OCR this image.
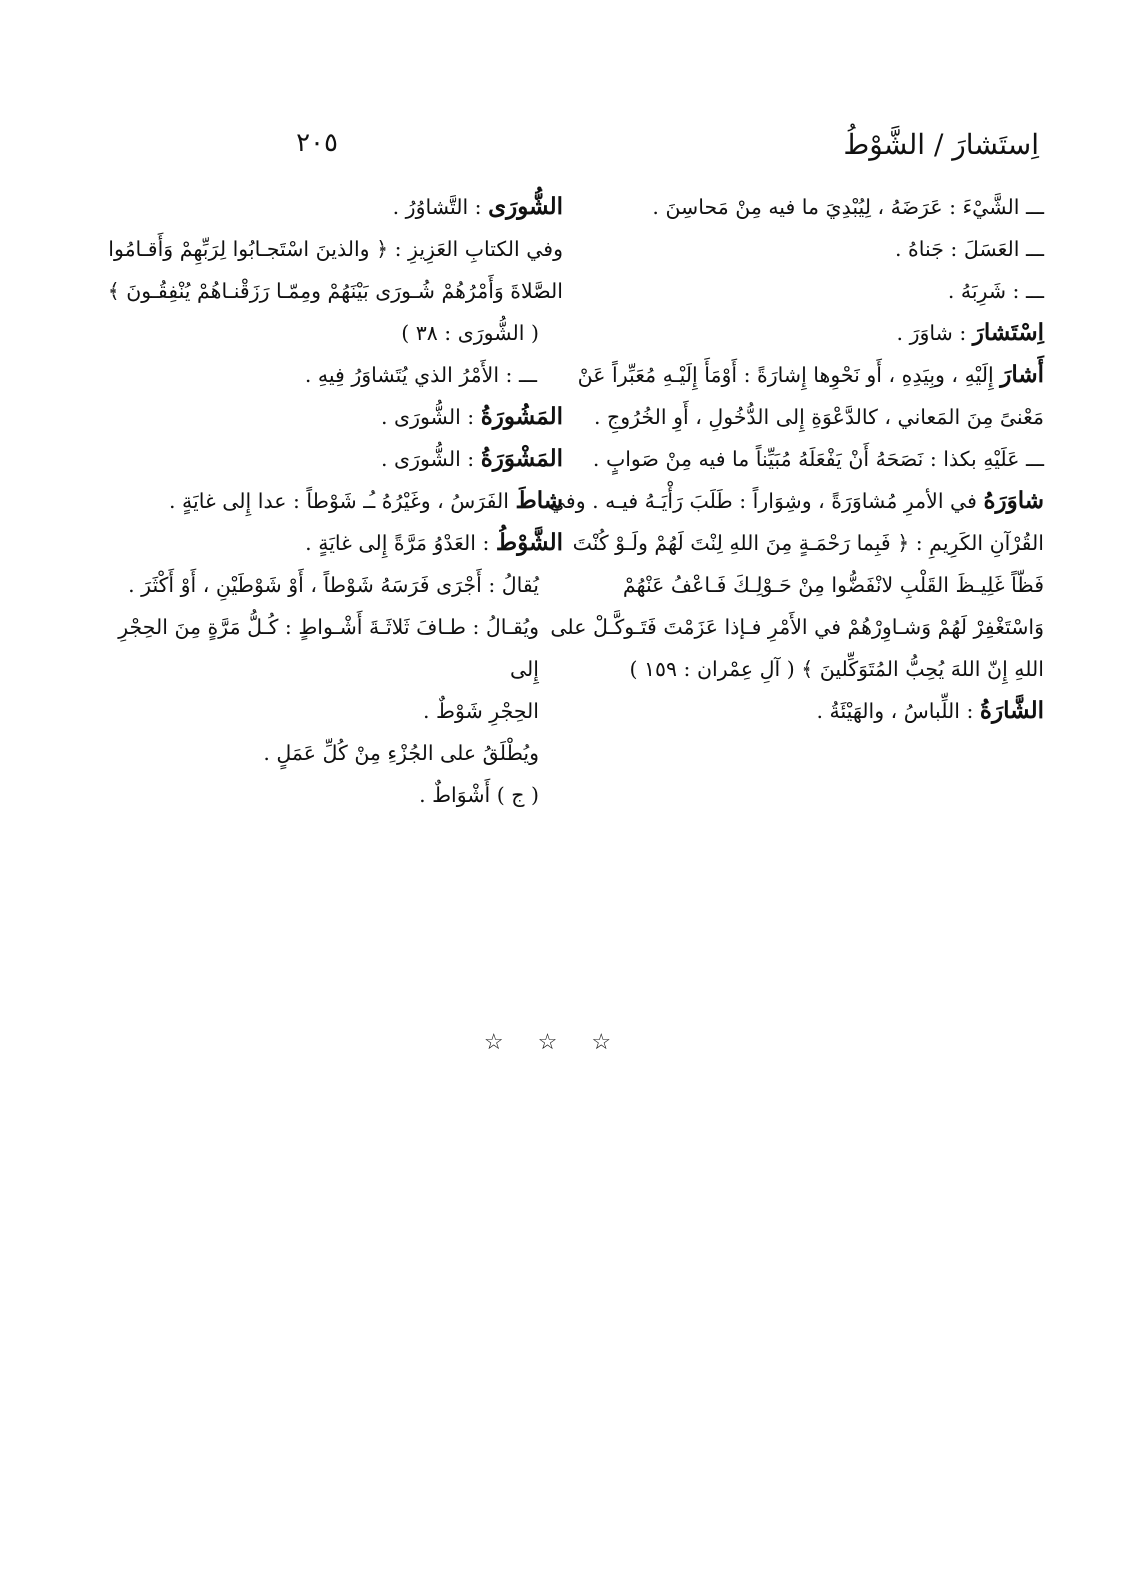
اِستَشارَ / الشَّوْطُ
٢٠٥

ـــ الشَّيْءَ : عَرَضَهُ ، لِيُبْدِيَ ما فيه مِنْ مَحاسِنَ .

ـــ العَسَلَ : جَناهُ .

ـــ : شَرِبَهُ .

اِسْتَشارَ : شاوَرَ .

أَشارَ إِلَيْهِ ، وبِيَدِهِ ، أَو نَحْوِها إِشارَةً : أَوْمَأَ إِلَيْـهِ مُعَبِّراً عَنْ

مَعْنىً مِنَ المَعاني ، كالدَّعْوَةِ إِلى الدُّخُولِ ، أَوِ الخُرُوجِ .

ـــ عَلَيْهِ بكذا : نَصَحَهُ أَنْ يَفْعَلَهُ مُبَيِّناً ما فيه مِنْ صَوابٍ .

شاوَرَهُ في الأمرِ مُشاوَرَةً ، وشِوَاراً : طَلَبَ رَأْيَـهُ فيـه . وفي

القُرْآنِ الكَرِيمِ : ﴿ فَبِما رَحْمَـةٍ مِنَ اللهِ لِنْتَ لَهُمْ ولَـوْ كُنْتَ

فَظّاً غَلِيـظَ القَلْبِ لانْفَضُّوا مِنْ حَـوْلِـكَ فَـاعْفُ عَنْهُمْ

وَاسْتَغْفِرْ لَهُمْ وَشـاوِرْهُمْ في الأَمْرِ فـإذا عَزَمْتَ فَتَـوكَّـلْ على

اللهِ إِنّ اللهَ يُحِبُّ المُتَوَكِّلينَ ﴾ ( آلِ عِمْران : ١٥٩ )

الشَّارَةُ : اللِّباسُ ، والهَيْئَةُ .

الشُّورَى : التَّشاوُرُ .

وفي الكتابِ العَزِيزِ : ﴿ والذينَ اسْتَجـابُوا لِرَبِّهِمْ وَأَقـامُوا

الصَّلاةَ وَأَمْرُهُمْ شُـورَى بَيْنَهُمْ ومِمّـا رَزَقْنـاهُمْ يُنْفِقُـونَ ﴾

( الشُّورَى : ٣٨ )

ـــ : الأَمْرُ الذي يُتَشاوَرُ فِيهِ .

المَشُورَةُ : الشُّورَى .

المَشْوَرَةُ : الشُّورَى .

شاطَ الفَرَسُ ، وغَيْرُهُ ـُـ شَوْطاً : عدا إِلى غايَةٍ .

الشَّوْطُ : العَدْوُ مَرَّةً إِلى غايَةٍ .

يُقالُ : أَجْرَى فَرَسَهُ شَوْطاً ، أَوْ شَوْطَيْنِ ، أَوْ أَكْثَرَ .

ويُقـالُ : طـافَ ثَلاثَـةَ أَشْـواطٍ : كُـلُّ مَرَّةٍ مِنَ الحِجْرِ إِلى

الحِجْرِ شَوْطٌ .

ويُطْلَقُ على الجُزْءِ مِنْ كُلِّ عَمَلٍ .

( ج ) أَشْوَاطٌ .

☆☆☆
